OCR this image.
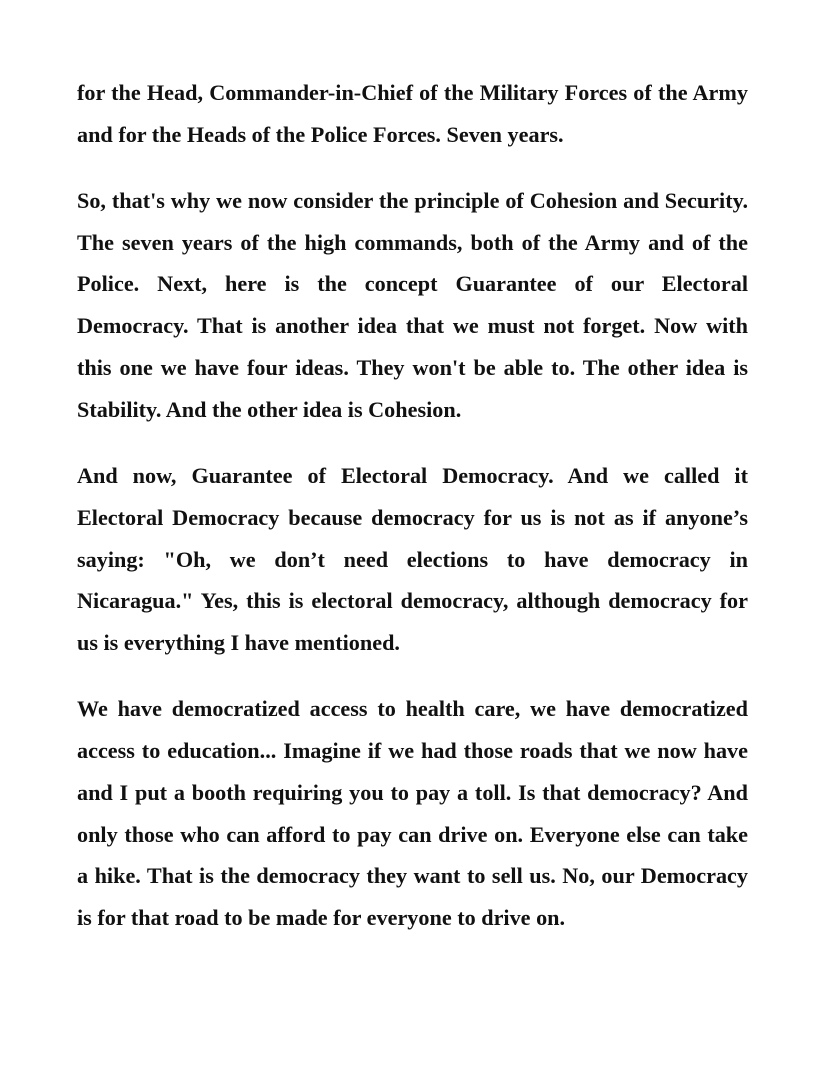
for the Head, Commander-in-Chief of the Military Forces of the Army and for the Heads of the Police Forces. Seven years.

So, that's why we now consider the principle of Cohesion and Security. The seven years of the high commands, both of the Army and of the Police. Next, here is the concept Guarantee of our Electoral Democracy. That is another idea that we must not forget. Now with this one we have four ideas. They won't be able to. The other idea is Stability. And the other idea is Cohesion.

And now, Guarantee of Electoral Democracy. And we called it Electoral Democracy because democracy for us is not as if anyone’s saying: "Oh, we don’t need elections to have democracy in Nicaragua." Yes, this is electoral democracy, although democracy for us is everything I have mentioned.

We have democratized access to health care, we have democratized access to education... Imagine if we had those roads that we now have and I put a booth requiring you to pay a toll. Is that democracy? And only those who can afford to pay can drive on. Everyone else can take a hike. That is the democracy they want to sell us. No, our Democracy is for that road to be made for everyone to drive on.
